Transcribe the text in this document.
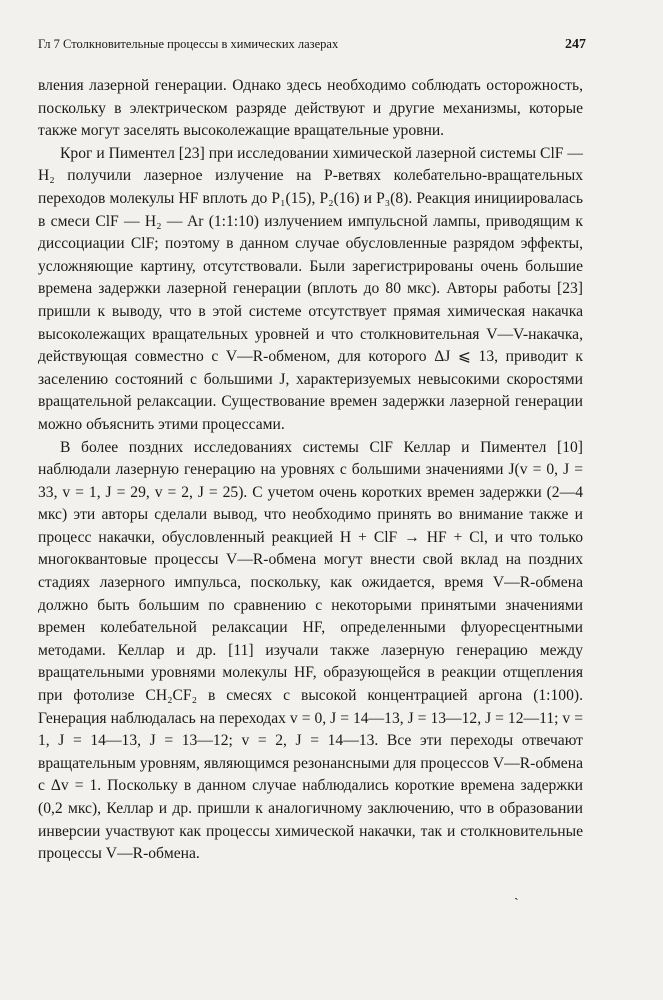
Гл 7 Столкновительные процессы в химических лазерах	247

вления лазерной генерации. Однако здесь необходимо соблюдать осторожность, поскольку в электрическом разряде действуют и другие механизмы, которые также могут заселять высоколежащие вращательные уровни.

Крог и Пиментел [23] при исследовании химической лазерной системы ClF — H₂ получили лазерное излучение на P-ветвях колебательно-вращательных переходов молекулы HF вплоть до P₁(15), P₂(16) и P₃(8). Реакция инициировалась в смеси ClF — H₂ — Ar (1:1:10) излучением импульсной лампы, приводящим к диссоциации ClF; поэтому в данном случае обусловленные разрядом эффекты, усложняющие картину, отсутствовали. Были зарегистрированы очень большие времена задержки лазерной генерации (вплоть до 80 мкс). Авторы работы [23] пришли к выводу, что в этой системе отсутствует прямая химическая накачка высоколежащих вращательных уровней и что столкновительная V—V-накачка, действующая совместно с V—R-обменом, для которого ΔJ ⩽ 13, приводит к заселению состояний с большими J, характеризуемых невысокими скоростями вращательной релаксации. Существование времен задержки лазерной генерации можно объяснить этими процессами.

В более поздних исследованиях системы ClF Келлар и Пиментел [10] наблюдали лазерную генерацию на уровнях с большими значениями J(v = 0, J = 33, v = 1, J = 29, v = 2, J = 25). С учетом очень коротких времен задержки (2—4 мкс) эти авторы сделали вывод, что необходимо принять во внимание также и процесс накачки, обусловленный реакцией H + ClF → HF + Cl, и что только многоквантовые процессы V—R-обмена могут внести свой вклад на поздних стадиях лазерного импульса, поскольку, как ожидается, время V—R-обмена должно быть большим по сравнению с некоторыми принятыми значениями времен колебательной релаксации HF, определенными флуоресцентными методами. Келлар и др. [11] изучали также лазерную генерацию между вращательными уровнями молекулы HF, образующейся в реакции отщепления при фотолизе CH₂CF₂ в смесях с высокой концентрацией аргона (1:100). Генерация наблюдалась на переходах v = 0, J = 14—13, J = 13—12, J = 12—11; v = 1, J = 14—13, J = 13—12; v = 2, J = 14—13. Все эти переходы отвечают вращательным уровням, являющимся резонансными для процессов V—R-обмена с Δv = 1. Поскольку в данном случае наблюдались короткие времена задержки (0,2 мкс), Келлар и др. пришли к аналогичному заключению, что в образовании инверсии участвуют как процессы химической накачки, так и столкновительные процессы V—R-обмена.

ˎ
